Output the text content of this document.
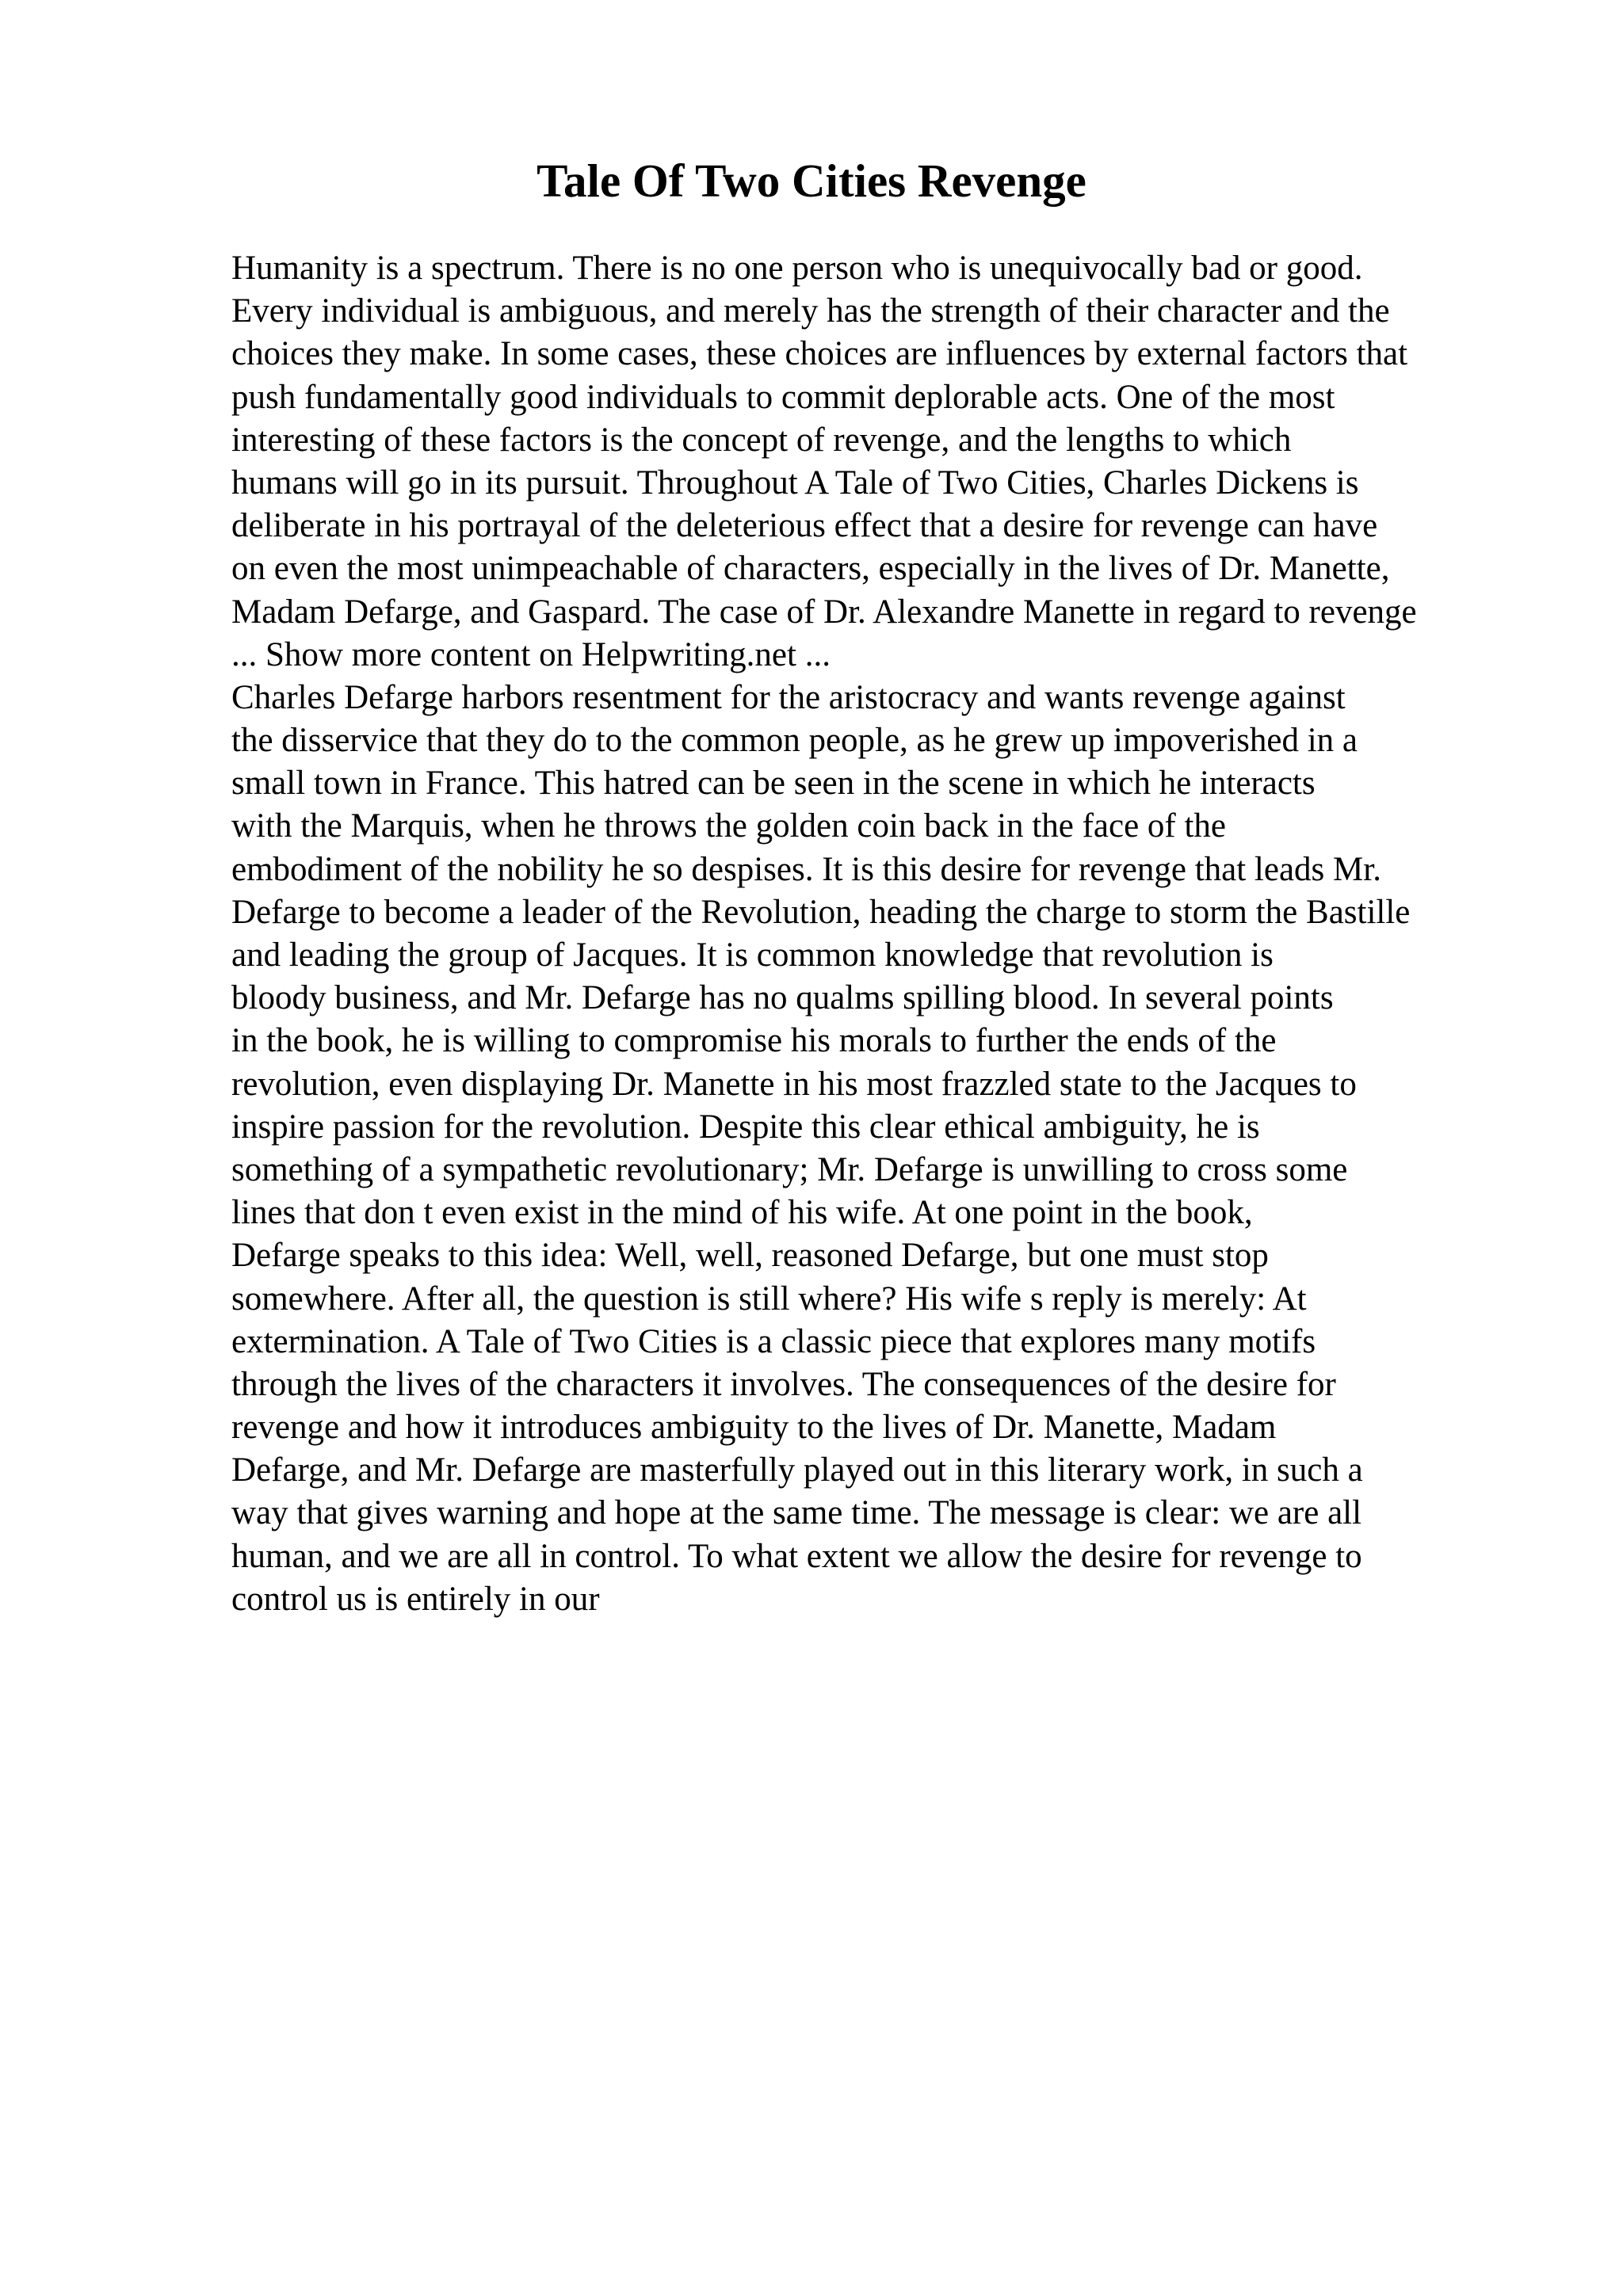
Tale Of Two Cities Revenge
Humanity is a spectrum. There is no one person who is unequivocally bad or good.
Every individual is ambiguous, and merely has the strength of their character and the
choices they make. In some cases, these choices are influences by external factors that
push fundamentally good individuals to commit deplorable acts. One of the most
interesting of these factors is the concept of revenge, and the lengths to which
humans will go in its pursuit. Throughout A Tale of Two Cities, Charles Dickens is
deliberate in his portrayal of the deleterious effect that a desire for revenge can have
on even the most unimpeachable of characters, especially in the lives of Dr. Manette,
Madam Defarge, and Gaspard. The case of Dr. Alexandre Manette in regard to revenge
... Show more content on Helpwriting.net ...
Charles Defarge harbors resentment for the aristocracy and wants revenge against
the disservice that they do to the common people, as he grew up impoverished in a
small town in France. This hatred can be seen in the scene in which he interacts
with the Marquis, when he throws the golden coin back in the face of the
embodiment of the nobility he so despises. It is this desire for revenge that leads Mr.
Defarge to become a leader of the Revolution, heading the charge to storm the Bastille
and leading the group of Jacques. It is common knowledge that revolution is
bloody business, and Mr. Defarge has no qualms spilling blood. In several points
in the book, he is willing to compromise his morals to further the ends of the
revolution, even displaying Dr. Manette in his most frazzled state to the Jacques to
inspire passion for the revolution. Despite this clear ethical ambiguity, he is
something of a sympathetic revolutionary; Mr. Defarge is unwilling to cross some
lines that don t even exist in the mind of his wife. At one point in the book,
Defarge speaks to this idea: Well, well, reasoned Defarge, but one must stop
somewhere. After all, the question is still where? His wife s reply is merely: At
extermination. A Tale of Two Cities is a classic piece that explores many motifs
through the lives of the characters it involves. The consequences of the desire for
revenge and how it introduces ambiguity to the lives of Dr. Manette, Madam
Defarge, and Mr. Defarge are masterfully played out in this literary work, in such a
way that gives warning and hope at the same time. The message is clear: we are all
human, and we are all in control. To what extent we allow the desire for revenge to
control us is entirely in our
